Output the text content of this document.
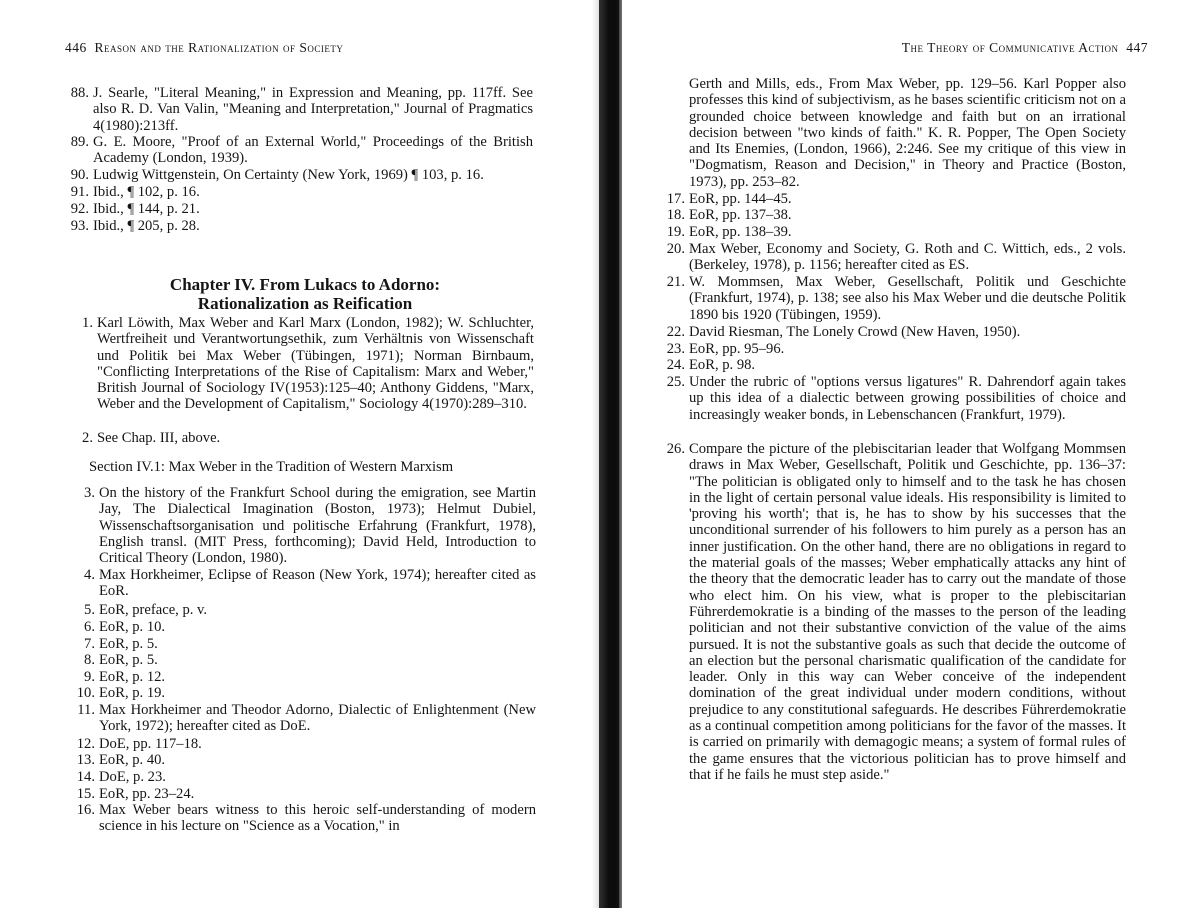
446 Reason and the Rationalization of Society
88. J. Searle, "Literal Meaning," in Expression and Meaning, pp. 117ff. See also R. D. Van Valin, "Meaning and Interpretation," Journal of Pragmatics 4(1980):213ff.
89. G. E. Moore, "Proof of an External World," Proceedings of the British Academy (London, 1939).
90. Ludwig Wittgenstein, On Certainty (New York, 1969) ¶ 103, p. 16.
91. Ibid., ¶ 102, p. 16.
92. Ibid., ¶ 144, p. 21.
93. Ibid., ¶ 205, p. 28.
Chapter IV. From Lukacs to Adorno:
Rationalization as Reification
1. Karl Löwith, Max Weber and Karl Marx (London, 1982); W. Schluchter, Wertfreiheit und Verantwortungsethik, zum Verhältnis von Wissenschaft und Politik bei Max Weber (Tübingen, 1971); Norman Birnbaum, "Conflicting Interpretations of the Rise of Capitalism: Marx and Weber," British Journal of Sociology IV(1953):125–40; Anthony Giddens, "Marx, Weber and the Development of Capitalism," Sociology 4(1970):289–310.
2. See Chap. III, above.
Section IV.1: Max Weber in the Tradition of Western Marxism
3. On the history of the Frankfurt School during the emigration, see Martin Jay, The Dialectical Imagination (Boston, 1973); Helmut Dubiel, Wissenschaftsorganisation und politische Erfahrung (Frankfurt, 1978), English transl. (MIT Press, forthcoming); David Held, Introduction to Critical Theory (London, 1980).
4. Max Horkheimer, Eclipse of Reason (New York, 1974); hereafter cited as EoR.
5. EoR, preface, p. v.
6. EoR, p. 10.
7. EoR, p. 5.
8. EoR, p. 5.
9. EoR, p. 12.
10. EoR, p. 19.
11. Max Horkheimer and Theodor Adorno, Dialectic of Enlightenment (New York, 1972); hereafter cited as DoE.
12. DoE, pp. 117–18.
13. EoR, p. 40.
14. DoE, p. 23.
15. EoR, pp. 23–24.
16. Max Weber bears witness to this heroic self-understanding of modern science in his lecture on "Science as a Vocation," in
The Theory of Communicative Action 447
Gerth and Mills, eds., From Max Weber, pp. 129–56. Karl Popper also professes this kind of subjectivism, as he bases scientific criticism not on a grounded choice between knowledge and faith but on an irrational decision between "two kinds of faith." K. R. Popper, The Open Society and Its Enemies, (London, 1966), 2:246. See my critique of this view in "Dogmatism, Reason and Decision," in Theory and Practice (Boston, 1973), pp. 253–82.
17. EoR, pp. 144–45.
18. EoR, pp. 137–38.
19. EoR, pp. 138–39.
20. Max Weber, Economy and Society, G. Roth and C. Wittich, eds., 2 vols. (Berkeley, 1978), p. 1156; hereafter cited as ES.
21. W. Mommsen, Max Weber, Gesellschaft, Politik und Geschichte (Frankfurt, 1974), p. 138; see also his Max Weber und die deutsche Politik 1890 bis 1920 (Tübingen, 1959).
22. David Riesman, The Lonely Crowd (New Haven, 1950).
23. EoR, pp. 95–96.
24. EoR, p. 98.
25. Under the rubric of "options versus ligatures" R. Dahrendorf again takes up this idea of a dialectic between growing possibilities of choice and increasingly weaker bonds, in Lebenschancen (Frankfurt, 1979).
26. Compare the picture of the plebiscitarian leader that Wolfgang Mommsen draws in Max Weber, Gesellschaft, Politik und Geschichte, pp. 136–37: "The politician is obligated only to himself and to the task he has chosen in the light of certain personal value ideals. His responsibility is limited to 'proving his worth'; that is, he has to show by his successes that the unconditional surrender of his followers to him purely as a person has an inner justification. On the other hand, there are no obligations in regard to the material goals of the masses; Weber emphatically attacks any hint of the theory that the democratic leader has to carry out the mandate of those who elect him. On his view, what is proper to the plebiscitarian Führerdemokratie is a binding of the masses to the person of the leading politician and not their substantive conviction of the value of the aims pursued. It is not the substantive goals as such that decide the outcome of an election but the personal charismatic qualification of the candidate for leader. Only in this way can Weber conceive of the independent domination of the great individual under modern conditions, without prejudice to any constitutional safeguards. He describes Führerdemokratie as a continual competition among politicians for the favor of the masses. It is carried on primarily with demagogic means; a system of formal rules of the game ensures that the victorious politician has to prove himself and that if he fails he must step aside."
